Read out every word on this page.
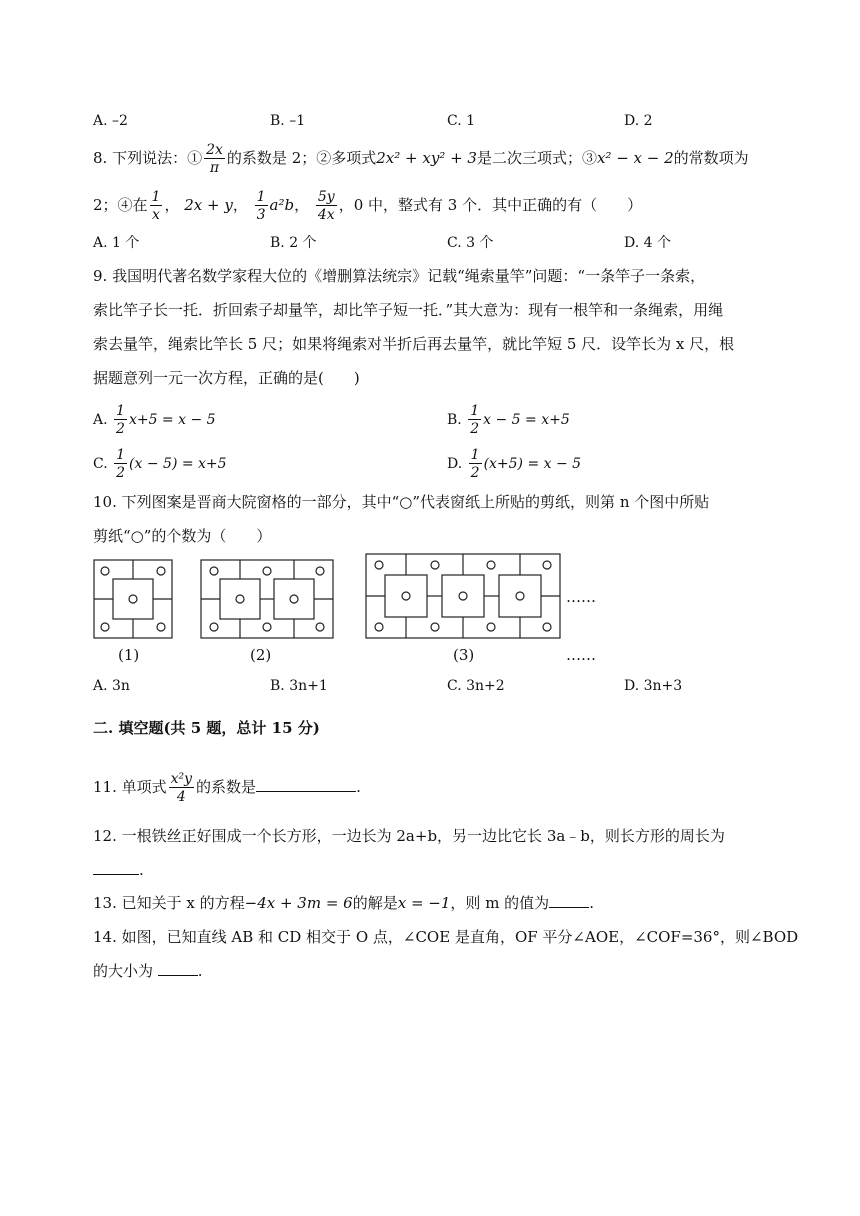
A. –2	B. –1	C. 1	D. 2
8. 下列说法：① $\frac{2x}{\pi}$ 的系数是 2；②多项式2x² + xy² + 3是二次三项式；③x² − x − 2的常数项为
2；④在 $\frac{1}{x}$ ， 2x + y， $\frac{1}{3} a^2b$， $\frac{5y}{4x}$ ，0 中，整式有 3 个．其中正确的有（　　）
A. 1 个	B. 2 个	C. 3 个	D. 4 个
9. 我国明代著名数学家程大位的《增删算法统宗》记载“绳索量竿”问题：“一条竿子一条索，
索比竿子长一托．折回索子却量竿，却比竿子短一托．”其大意为：现有一根竿和一条绳索，用绳
索去量竿，绳索比竿长 5 尺；如果将绳索对半折后再去量竿，就比竿短 5 尺．设竿长为 x 尺，根
据题意列一元一次方程，正确的是(　　)
A. $\frac{1}{2} x+5 = x - 5$	B. $\frac{1}{2}$ x − 5 = x+5
C. $\frac{1}{2} (x - 5) = x+5$	D. $\frac{1}{2} (x+5) = x - 5$
10. 下列图案是晋商大院窗格的一部分，其中“○”代表窗纸上所贴的剪纸，则第 n 个图中所贴
剪纸“○”的个数为（　　）
……
(1)	(2)	(3)	……
A. 3n	B. 3n+1	C. 3n+2	D. 3n+3
二. 填空题(共 5 题，总计 15 分)
11. 单项式 $\frac{\text{x²y}}{4}$ 的系数是	.
12. 一根铁丝正好围成一个长方形，一边长为 2a+b，另一边比它长 3a﹣b，则长方形的周长为
.
13. 已知关于 x 的方程−4x + 3m = 6的解是x = −1，则 m 的值为	.
14. 如图，已知直线 AB 和 CD 相交于 O 点，∠COE 是直角，OF 平分∠AOE，∠COF=36°，则∠BOD
的大小为	.
